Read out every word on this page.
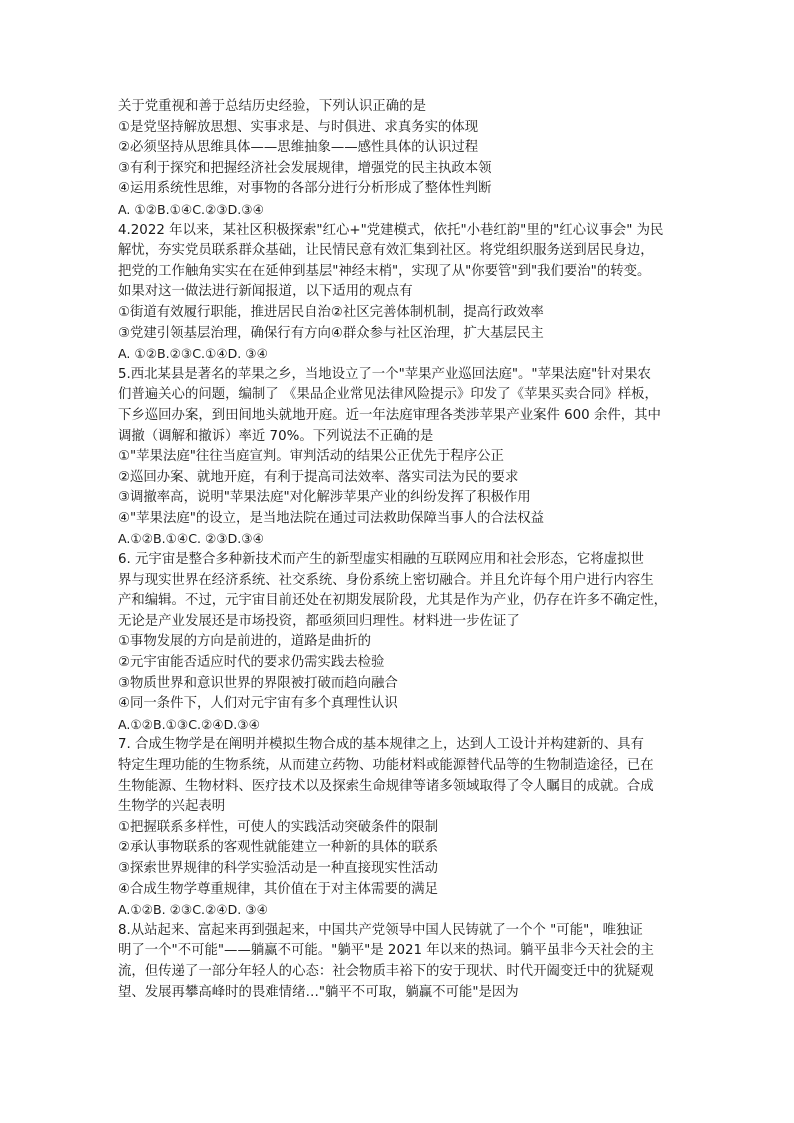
关于党重视和善于总结历史经验，下列认识正确的是
①是党坚持解放思想、实事求是、与时俱进、求真务实的体现
②必须坚持从思维具体——思维抽象——感性具体的认识过程
③有利于探究和把握经济社会发展规律，增强党的民主执政本领
④运用系统性思维，对事物的各部分进行分析形成了整体性判断
A. ①②B.①④C.②③D.③④
4.2022 年以来，某社区积极探索"红心+"党建模式，依托"小巷红韵"里的"红心议事会" 为民
解忧，夯实党员联系群众基础，让民情民意有效汇集到社区。将党组织服务送到居民身边，
把党的工作触角实实在在延伸到基层"神经末梢"，实现了从"你要管"到"我们要治"的转变。
如果对这一做法进行新闻报道，以下适用的观点有
①街道有效履行职能，推进居民自治②社区完善体制机制，提高行政效率
③党建引领基层治理，确保行有方向④群众参与社区治理，扩大基层民主
A. ①②B.②③C.①④D. ③④
5.西北某县是著名的苹果之乡，当地设立了一个"苹果产业巡回法庭"。"苹果法庭"针对果农
们普遍关心的问题，编制了 《果品企业常见法律风险提示》印发了《苹果买卖合同》样板，
下乡巡回办案，到田间地头就地开庭。近一年法庭审理各类涉苹果产业案件 600 余件，其中
调撤（调解和撤诉）率近 70%。下列说法不正确的是
①"苹果法庭"往往当庭宣判。审判活动的结果公正优先于程序公正
②巡回办案、就地开庭，有利于提高司法效率、落实司法为民的要求
③调撤率高，说明"苹果法庭"对化解涉苹果产业的纠纷发挥了积极作用
④"苹果法庭"的设立，是当地法院在通过司法救助保障当事人的合法权益
A.①②B.①④C. ②③D.③④
6. 元宇宙是整合多种新技术而产生的新型虚实相融的互联网应用和社会形态，它将虚拟世
界与现实世界在经济系统、社交系统、身份系统上密切融合。并且允许每个用户进行内容生
产和编辑。不过，元宇宙目前还处在初期发展阶段，尤其是作为产业，仍存在许多不确定性，
无论是产业发展还是市场投资，都亟须回归理性。材料进一步佐证了
①事物发展的方向是前进的，道路是曲折的
②元宇宙能否适应时代的要求仍需实践去检验
③物质世界和意识世界的界限被打破而趋向融合
④同一条件下，人们对元宇宙有多个真理性认识
A.①②B.①③C.②④D.③④
7. 合成生物学是在阐明并模拟生物合成的基本规律之上，达到人工设计并构建新的、具有
特定生理功能的生物系统，从而建立药物、功能材料或能源替代品等的生物制造途径，已在
生物能源、生物材料、医疗技术以及探索生命规律等诸多领域取得了令人瞩目的成就。合成
生物学的兴起表明
①把握联系多样性，可使人的实践活动突破条件的限制
②承认事物联系的客观性就能建立一种新的具体的联系
③探索世界规律的科学实验活动是一种直接现实性活动
④合成生物学尊重规律，其价值在于对主体需要的满足
A.①②B. ②③C.②④D. ③④
8.从站起来、富起来再到强起来，中国共产党领导中国人民铸就了一个个 "可能"，唯独证
明了一个"不可能"——躺赢不可能。"躺平"是 2021 年以来的热词。躺平虽非今天社会的主
流，但传递了一部分年轻人的心态：社会物质丰裕下的安于现状、时代开阖变迁中的犹疑观
望、发展再攀高峰时的畏难情绪…"躺平不可取，躺赢不可能"是因为
